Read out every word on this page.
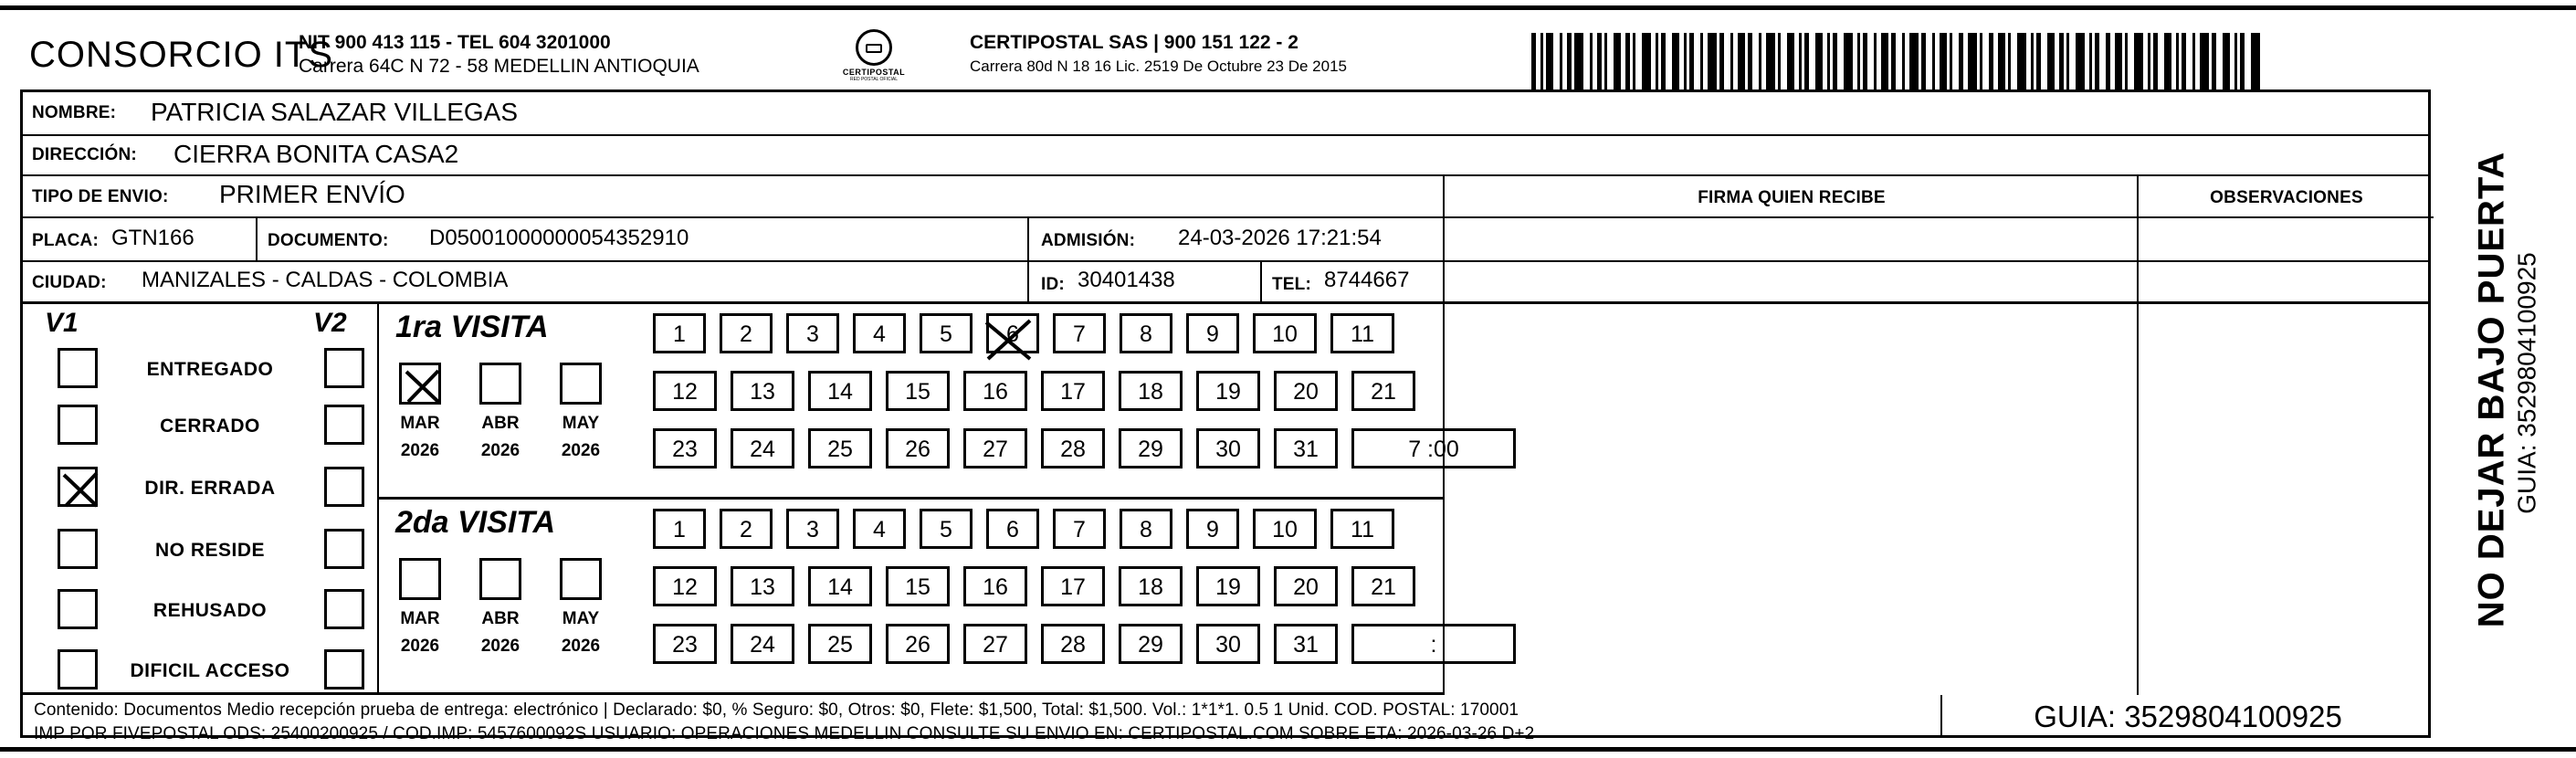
CONSORCIO ITS
NIT 900 413 115 - TEL 604 3201000
Carrera 64C N 72 - 58 MEDELLIN ANTIOQUIA	CERTIPOSTAL
RED POSTAL OFICIAL
CERTIPOSTAL SAS | 900 151 122 - 2
Carrera 80d N 18 16 Lic. 2519 De Octubre 23 De 2015
NOMBRE: PATRICIA SALAZAR VILLEGAS
DIRECCIÓN: CIERRA BONITA CASA2
TIPO DE ENVIO: PRIMER ENVÍO
PLACA: GTN166	DOCUMENTO: D05001000000054352910	ADMISIÓN: 24-03-2026 17:21:54
CIUDAD: MANIZALES - CALDAS - COLOMBIA	ID: 30401438	TEL: 8744667
FIRMA QUIEN RECIBE	OBSERVACIONES
V1	V2
ENTREGADO
CERRADO
DIR. ERRADA
NO RESIDE
REHUSADO
DIFICIL ACCESO
1ra VISITA
MAR	ABR	MAY
2026	2026	2026
1	2	3	4	5	6	7	8	9	10	11
12	13	14	15	16	17	18	19	20	21
23	24	25	26	27	28	29	30	31	7 :00
2da VISITA
MAR	ABR	MAY
2026	2026	2026
1	2	3	4	5	6	7	8	9	10	11
12	13	14	15	16	17	18	19	20	21
23	24	25	26	27	28	29	30	31	:
Contenido: Documentos Medio recepción prueba de entrega: electrónico | Declarado: $0, % Seguro: $0, Otros: $0, Flete: $1,500, Total: $1,500. Vol.: 1*1*1. 0.5 1 Unid. COD. POSTAL: 170001
IMP POR FIVEPOSTAL ODS: 25400200925 / COD.IMP: 5457600092S USUARIO: OPERACIONES MEDELLIN CONSULTE SU ENVIO EN: CERTIPOSTAL.COM SOBRE ETA: 2026-03-26 D+2
GUIA: 3529804100925
NO DEJAR BAJO PUERTA GUIA: 3529804100925
